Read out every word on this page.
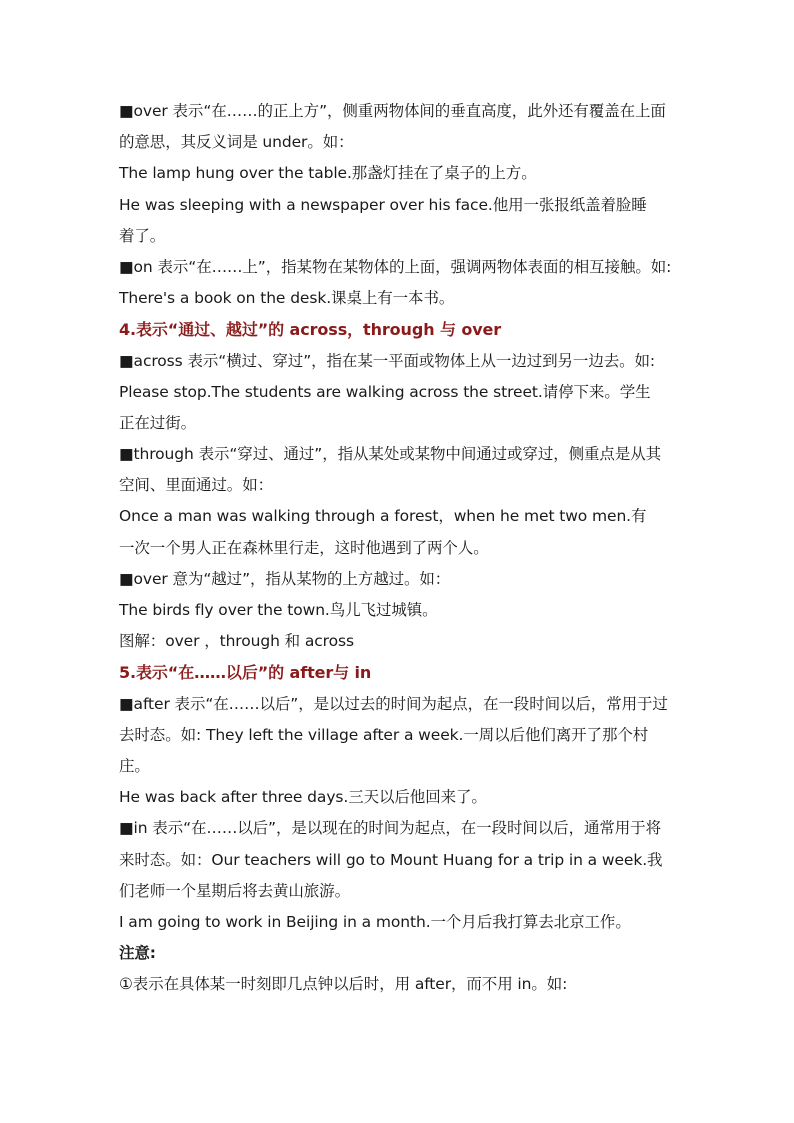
■over 表示“在……的正上方”，侧重两物体间的垂直高度，此外还有覆盖在上面
的意思，其反义词是 under。如：
The lamp hung over the table.那盏灯挂在了桌子的上方。
He was sleeping with a newspaper over his face.他用一张报纸盖着脸睡
着了。
■on 表示“在……上”，指某物在某物体的上面，强调两物体表面的相互接触。如:
There's a book on the desk.课桌上有一本书。
4.表示“通过、越过”的 across，through 与 over
■across 表示“横过、穿过”，指在某一平面或物体上从一边过到另一边去。如:
Please stop.The students are walking across the street.请停下来。学生
正在过街。
■through 表示“穿过、通过”，指从某处或某物中间通过或穿过，侧重点是从其
空间、里面通过。如：
Once a man was walking through a forest，when he met two men.有
一次一个男人正在森林里行走，这时他遇到了两个人。
■over 意为“越过”，指从某物的上方越过。如：
The birds fly over the town.鸟儿飞过城镇。
图解：over ，through 和 across
5.表示“在……以后”的 after与 in
■after 表示“在……以后”，是以过去的时间为起点，在一段时间以后，常用于过
去时态。如: They left the village after a week.一周以后他们离开了那个村
庄。
He was back after three days.三天以后他回来了。
■in 表示“在……以后”，是以现在的时间为起点，在一段时间以后，通常用于将
来时态。如：Our teachers will go to Mount Huang for a trip in a week.我
们老师一个星期后将去黄山旅游。
I am going to work in Beijing in a month.一个月后我打算去北京工作。
注意:
①表示在具体某一时刻即几点钟以后时，用 after，而不用 in。如:
